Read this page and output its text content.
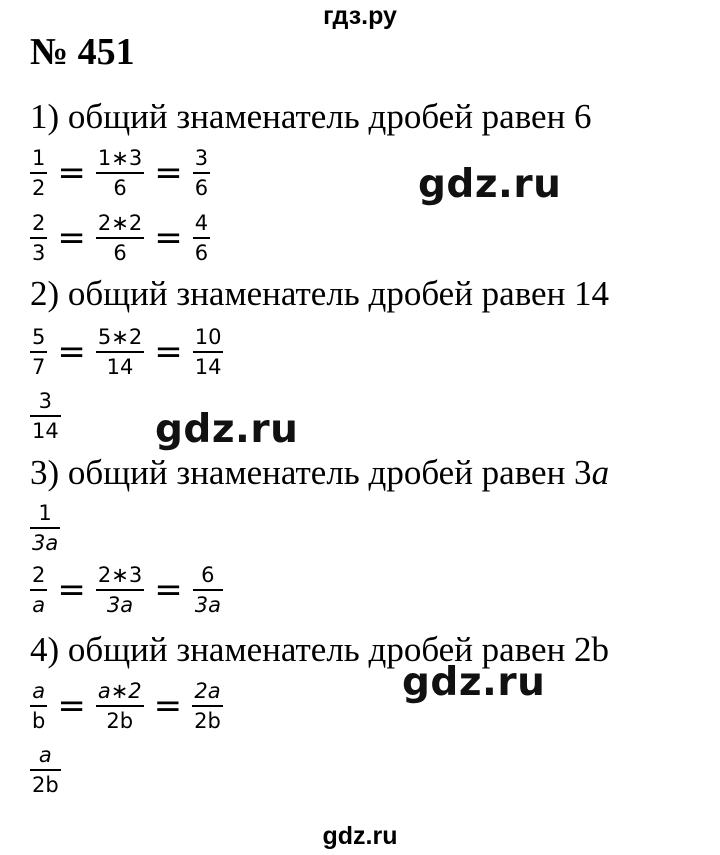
гдз.ру
gdz.ru
gdz.ru
gdz.ru
№ 451
1) общий знаменатель дробей равен 6
$\frac{1}{2} = \frac{1∗3}{6} = \frac{3}{6}$
$\frac{2}{3} = \frac{2∗2}{6} = \frac{4}{6}$
2) общий знаменатель дробей равен 14
$\frac{5}{7} = \frac{5∗2}{14} = \frac{10}{14}$
$\frac{3}{14}$
3) общий знаменатель дробей равен 3a
$\frac{1}{3a}$
$\frac{2}{a} = \frac{2∗3}{3a} = \frac{6}{3a}$
4) общий знаменатель дробей равен 2b
$\frac{a}{b} = \frac{a∗2}{2b} = \frac{2a}{2b}$
$\frac{a}{2b}$
gdz.ru
